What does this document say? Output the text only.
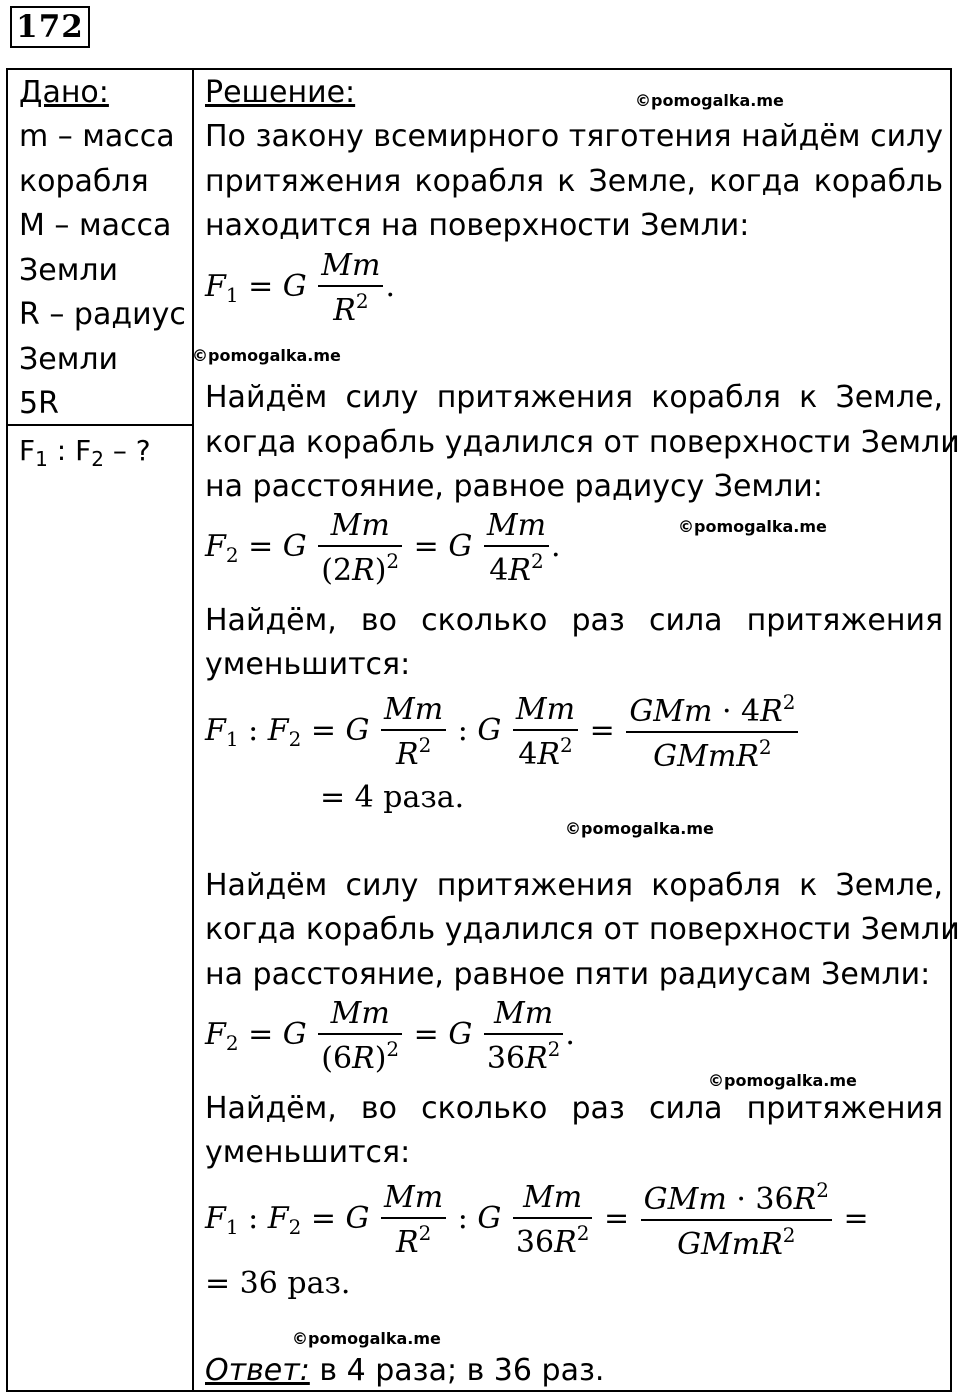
172
Дано:
m – масса
корабля
M – масса
Земли
R – радиус
Земли
5R
$F_1$ : $F_2$ – ?
Решение:	©pomogalka.me
По закону всемирного тяготения найдём силу
притяжения корабля к Земле, когда корабль
находится на поверхности Земли:
$F_1 = G \frac{Mm}{R^2}$ .
©pomogalka.me
Найдём силу притяжения корабля к Земле,
когда корабль удалился от поверхности Земли
на расстояние, равное радиусу Земли:
$F_2 = G \frac{Mm}{(2R)^2} = G \frac{Mm}{4R^2}$ .
©pomogalka.me
Найдём, во сколько раз сила притяжения
уменьшится:
$F_1$ : $F_2 = G \frac{Mm}{R^2}$ : G $\frac{Mm}{4R^2} = \frac{GMm \cdot 4R^2}{GMmR^2}$
= 4 раза.
©pomogalka.me
Найдём силу притяжения корабля к Земле,
когда корабль удалился от поверхности Земли
на расстояние, равное пяти радиусам Земли:
$F_2 = G \frac{Mm}{(6R)^2} = G \frac{Mm}{36R^2}$ .
©pomogalka.me
Найдём, во сколько раз сила притяжения
уменьшится:
$F_1$ : $F_2 = G \frac{Mm}{R^2}$ : G $\frac{Mm}{36R^2} = \frac{GMm \cdot 36R^2}{GMmR^2}$ =
= 36 раз.
©pomogalka.me
Ответ: в 4 раза; в 36 раз.
